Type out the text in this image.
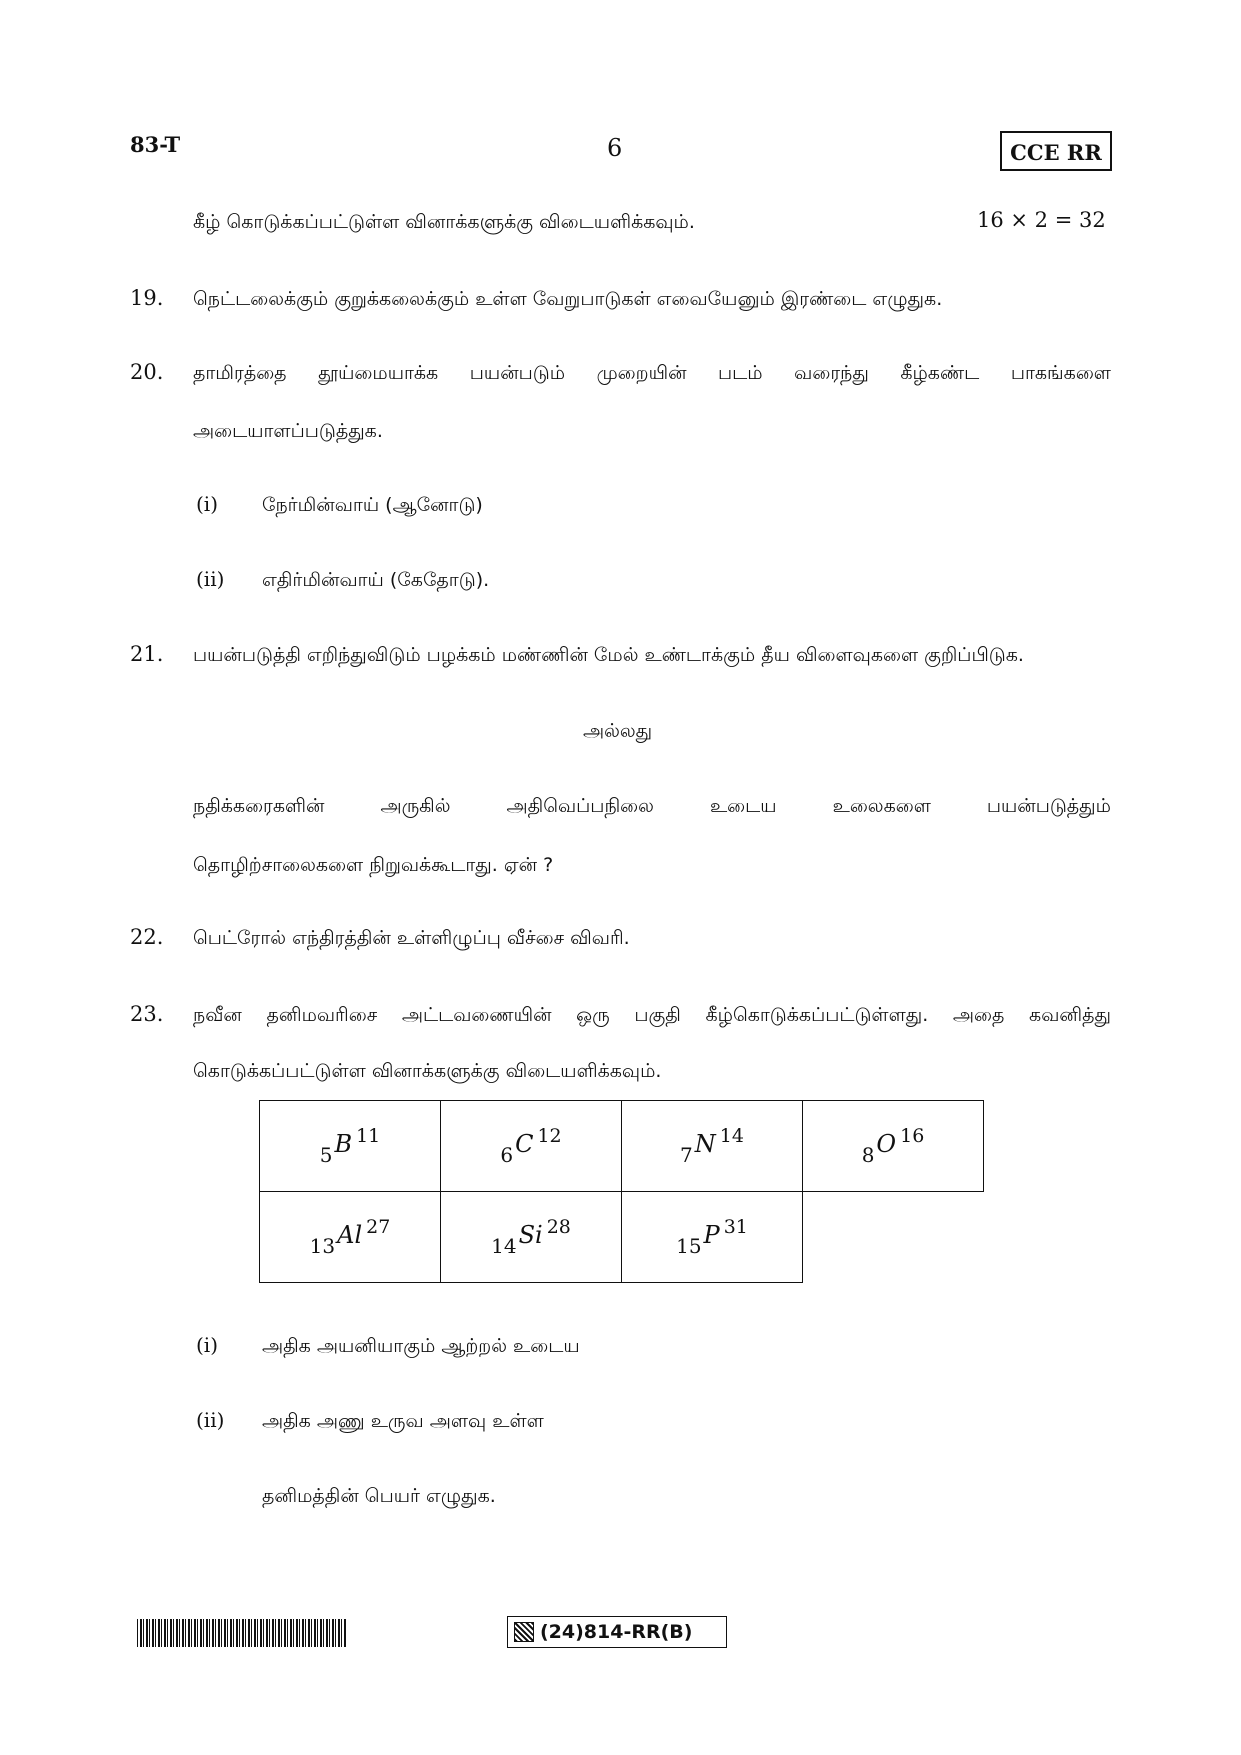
83-T	6	CCE RR
கீழ் கொடுக்கப்பட்டுள்ள வினாக்களுக்கு விடையளிக்கவும்.	16 × 2 = 32
19. நெட்டலைக்கும் குறுக்கலைக்கும் உள்ள வேறுபாடுகள் எவையேனும் இரண்டை எழுதுக.
20. தாமிரத்தை தூய்மையாக்க பயன்படும் முறையின் படம் வரைந்து கீழ்கண்ட பாகங்களை
அடையாளப்படுத்துக.
(i) நேர்மின்வாய் (ஆனோடு)
(ii) எதிர்மின்வாய் (கேதோடு).
21. பயன்படுத்தி எறிந்துவிடும் பழக்கம் மண்ணின் மேல் உண்டாக்கும் தீய விளைவுகளை குறிப்பிடுக.
அல்லது
நதிக்கரைகளின்	அருகில்	அதிவெப்பநிலை	உடைய	உலைகளை	பயன்படுத்தும்
தொழிற்சாலைகளை நிறுவக்கூடாது. ஏன் ?
22. பெட்ரோல் எந்திரத்தின் உள்ளிழுப்பு வீச்சை விவரி.
23. நவீன தனிமவரிசை அட்டவணையின் ஒரு பகுதி கீழ்கொடுக்கப்பட்டுள்ளது. அதை கவனித்து
கொடுக்கப்பட்டுள்ள வினாக்களுக்கு விடையளிக்கவும்.
5B 11	6C 12	7N 14	8O 16
13Al 27	14Si 28	15P 31	
(i) அதிக அயனியாகும் ஆற்றல் உடைய
(ii) அதிக அணு உருவ அளவு உள்ள
தனிமத்தின் பெயர் எழுதுக.
(24)814-RR(B)
